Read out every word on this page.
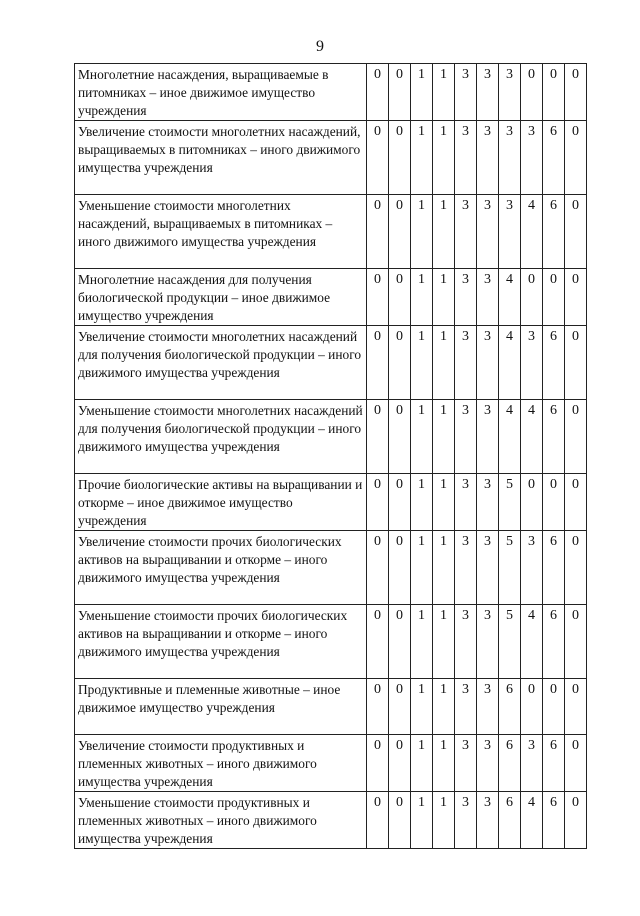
9
Многолетние насаждения, выращиваемые в питомниках – иное движимое имущество учреждения	0	0	1	1	3	3	3	0	0	0
Увеличение стоимости многолетних насаждений, выращиваемых в питомниках – иного движимого имущества учреждения	0	0	1	1	3	3	3	3	6	0
Уменьшение стоимости многолетних насаждений, выращиваемых в питомниках – иного движимого имущества учреждения	0	0	1	1	3	3	3	4	6	0
Многолетние насаждения для получения биологической продукции – иное движимое имущество учреждения	0	0	1	1	3	3	4	0	0	0
Увеличение стоимости многолетних насаждений для получения биологической продукции – иного движимого имущества учреждения	0	0	1	1	3	3	4	3	6	0
Уменьшение стоимости многолетних насаждений для получения биологической продукции – иного движимого имущества учреждения	0	0	1	1	3	3	4	4	6	0
Прочие биологические активы на выращивании и откорме – иное движимое имущество учреждения	0	0	1	1	3	3	5	0	0	0
Увеличение стоимости прочих биологических активов на выращивании и откорме – иного движимого имущества учреждения	0	0	1	1	3	3	5	3	6	0
Уменьшение стоимости прочих биологических активов на выращивании и откорме – иного движимого имущества учреждения	0	0	1	1	3	3	5	4	6	0
Продуктивные и племенные животные – иное движимое имущество учреждения	0	0	1	1	3	3	6	0	0	0
Увеличение стоимости продуктивных и племенных животных – иного движимого имущества учреждения	0	0	1	1	3	3	6	3	6	0
Уменьшение стоимости продуктивных и племенных животных – иного движимого имущества учреждения	0	0	1	1	3	3	6	4	6	0
